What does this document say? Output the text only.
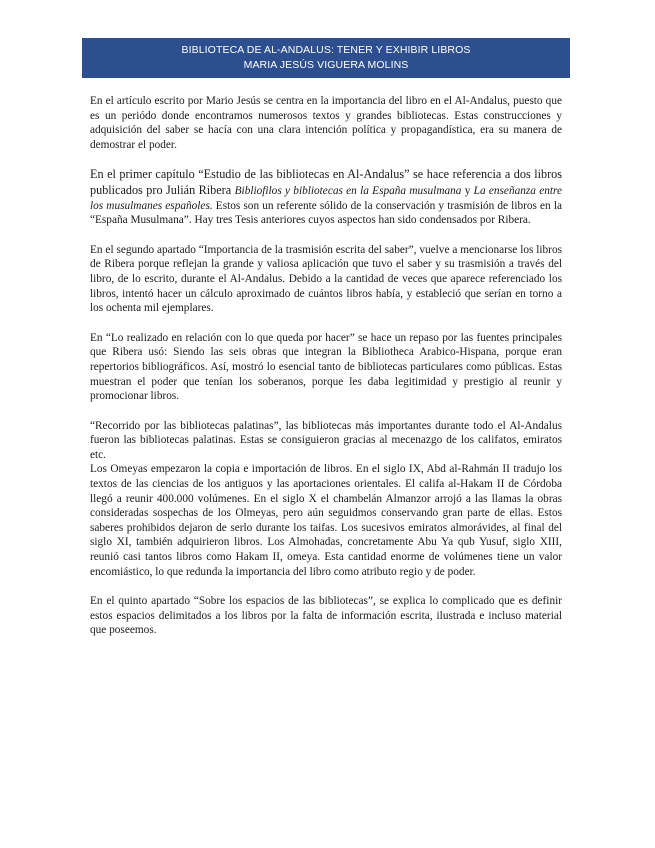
BIBLIOTECA DE AL-ANDALUS: TENER Y EXHIBIR LIBROS
MARIA JESÚS VIGUERA MOLINS

En el artículo escrito por Mario Jesús se centra en la importancia del libro en el Al-Andalus, puesto que es un periódo donde encontramos numerosos textos y grandes bibliotecas. Estas construcciones y adquisición del saber se hacía con una clara intención política y propagandística, era su manera de demostrar el poder.

En el primer capítulo “Estudio de las bibliotecas en Al-Andalus” se hace referencia a dos libros publicados pro Julián Ribera Bibliofilos y bibliotecas en la España musulmana y La enseñanza entre los musulmanes españoles. Estos son un referente sólido de la conservación y trasmisión de libros en la “España Musulmana”. Hay tres Tesis anteriores cuyos aspectos han sido condensados por Ribera.

En el segundo apartado “Importancia de la trasmisión escrita del saber”, vuelve a mencionarse los libros de Ribera porque reflejan la grande y valiosa aplicación que tuvo el saber y su trasmisión a través del libro, de lo escrito, durante el Al-Andalus. Debido a la cantidad de veces que aparece referenciado los libros, intentó hacer un cálculo aproximado de cuántos libros había, y estableció que serían en torno a los ochenta mil ejemplares.

En “Lo realizado en relación con lo que queda por hacer” se hace un repaso por las fuentes principales que Ribera usó: Siendo las seis obras que integran la Bibliotheca Arabico-Hispana, porque eran repertorios bibliográficos. Así, mostró lo esencial tanto de bibliotecas particulares como públicas. Estas muestran el poder que tenían los soberanos, porque les daba legitimidad y prestigio al reunir y promocionar libros.

“Recorrido por las bibliotecas palatinas”, las bibliotecas más importantes durante todo el Al-Andalus fueron las bibliotecas palatinas. Estas se consiguieron gracias al mecenazgo de los califatos, emiratos etc.

Los Omeyas empezaron la copia e importación de libros. En el siglo IX, Abd al-Rahmán II tradujo los textos de las ciencias de los antiguos y las aportaciones orientales. El califa al-Hakam II de Córdoba llegó a reunir 400.000 volúmenes. En el siglo X el chambelán Almanzor arrojó a las llamas la obras consideradas sospechas de los Olmeyas, pero aún seguidmos conservando gran parte de ellas. Estos saberes prohibidos dejaron de serlo durante los taifas. Los sucesivos emiratos almorávides, al final del siglo XI, también adquirieron libros. Los Almohadas, concretamente Abu Ya qub Yusuf, siglo XIII, reunió casi tantos libros como Hakam II, omeya. Esta cantidad enorme de volúmenes tiene un valor encomiástico, lo que redunda la importancia del libro como atributo regio y de poder.

En el quinto apartado “Sobre los espacios de las bibliotecas”, se explica lo complicado que es definir estos espacios delimitados a los libros por la falta de información escrita, ilustrada e incluso material que poseemos.
